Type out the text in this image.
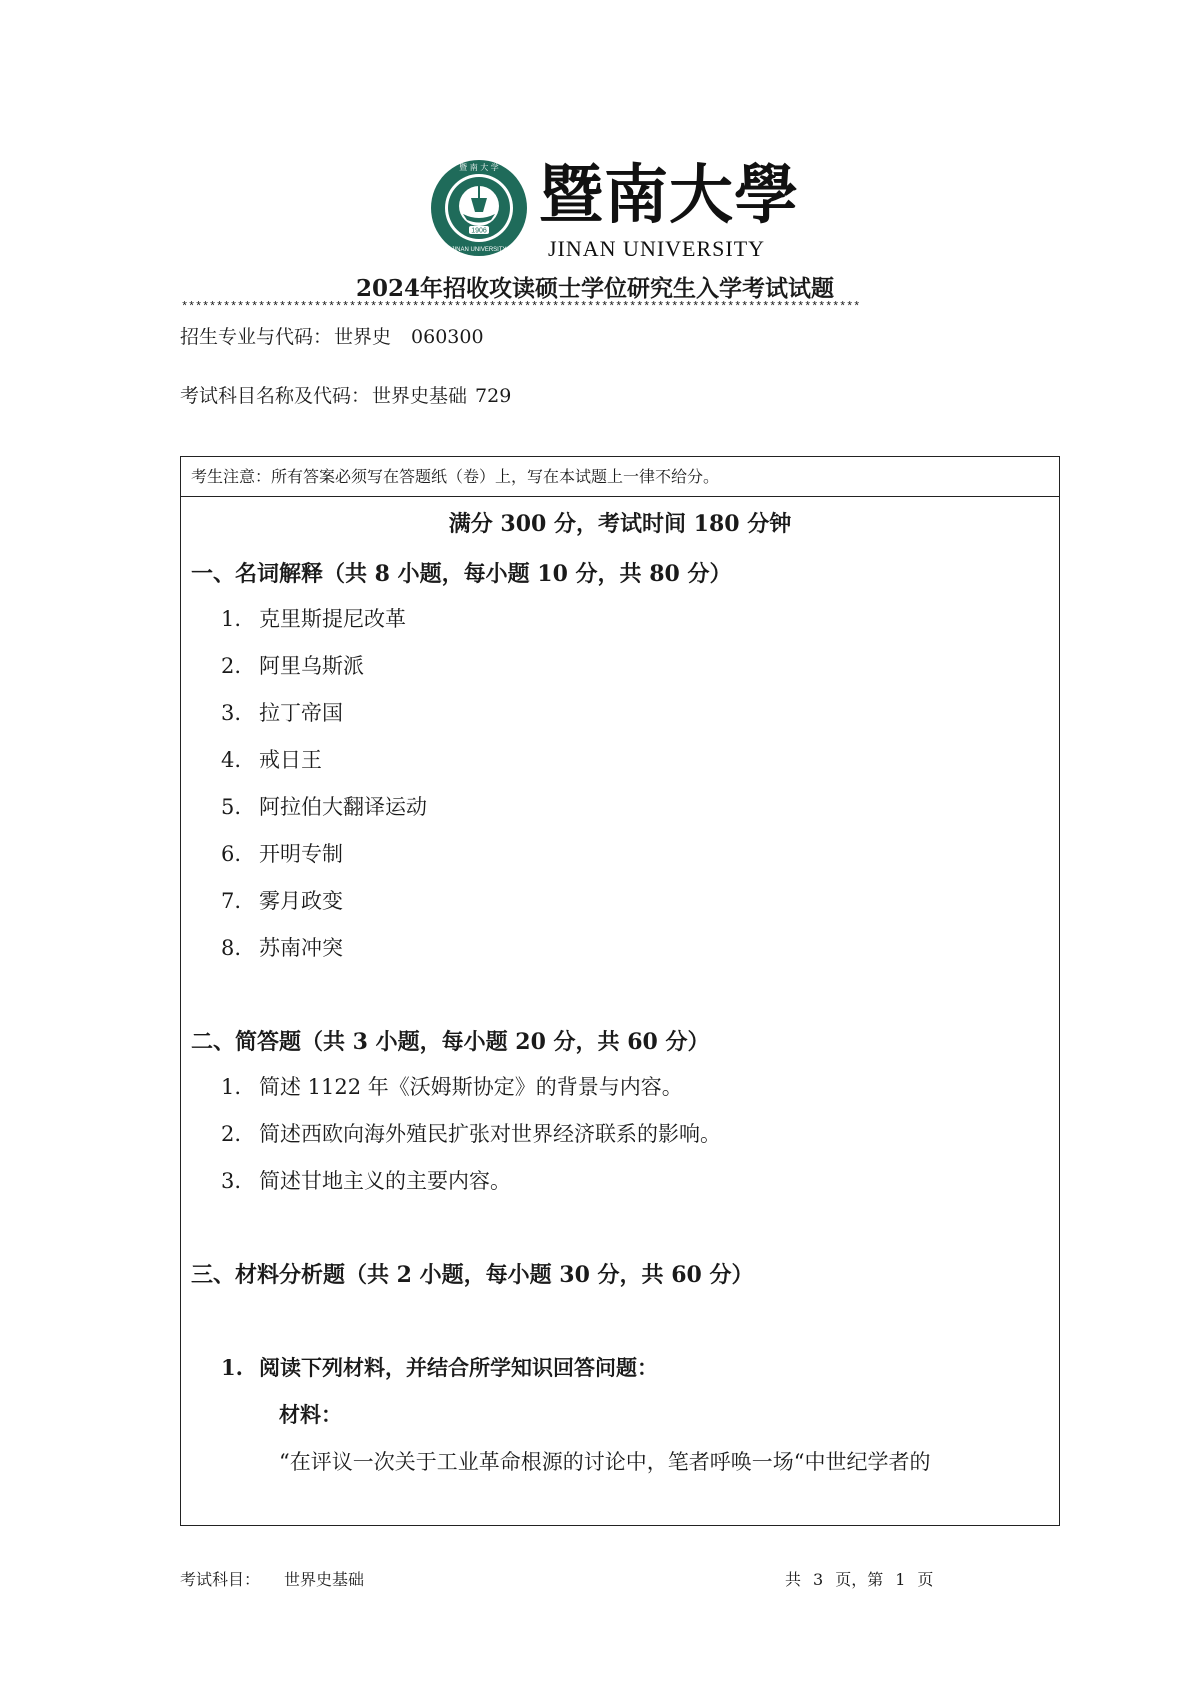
1906
暨 南 大 学
JINAN UNIVERSITY
暨南大學
JINAN UNIVERSITY
2024年招收攻读硕士学位研究生入学考试试题
*************************************************************************************************
招生专业与代码： 世界史 060300
考试科目名称及代码： 世界史基础 729
考生注意：所有答案必须写在答题纸（卷）上，写在本试题上一律不给分。
满分 300 分，考试时间 180 分钟
一、名词解释（共 8 小题，每小题 10 分，共 80 分）
1. 克里斯提尼改革
2. 阿里乌斯派
3. 拉丁帝国
4. 戒日王
5. 阿拉伯大翻译运动
6. 开明专制
7. 雾月政变
8. 苏南冲突
二、简答题（共 3 小题，每小题 20 分，共 60 分）
1. 简述 1122 年《沃姆斯协定》的背景与内容。
2. 简述西欧向海外殖民扩张对世界经济联系的影响。
3. 简述甘地主义的主要内容。
三、材料分析题（共 2 小题，每小题 30 分，共 60 分）
1. 阅读下列材料，并结合所学知识回答问题：
材料：
“在评议一次关于工业革命根源的讨论中，笔者呼唤一场“中世纪学者的
考试科目： 世界史基础	共 3 页，第 1 页
